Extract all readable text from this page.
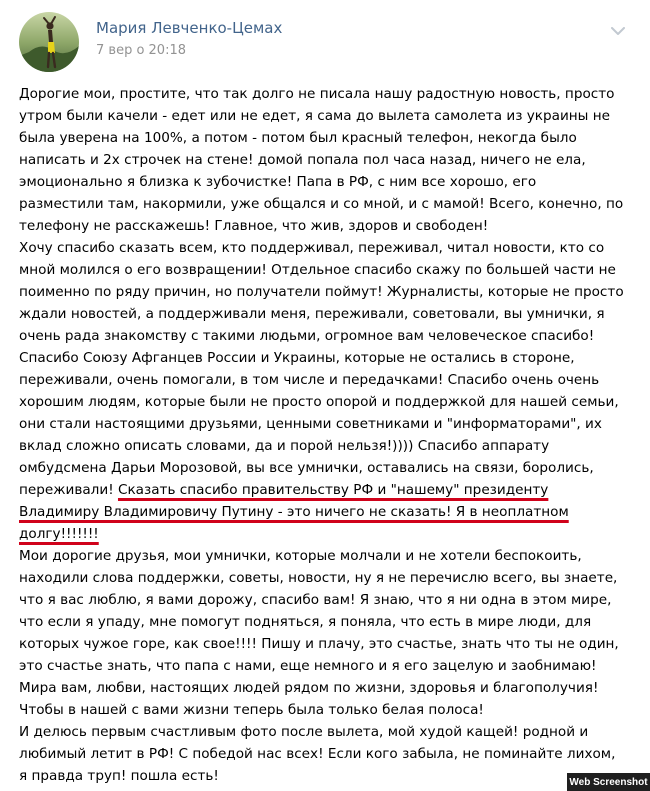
Мария Левченко-Цемах
7 вер о 20:18
Дорогие мои, простите, что так долго не писала нашу радостную новость, просто
утром были качели - едет или не едет, я сама до вылета самолета из украины не
была уверена на 100%, а потом - потом был красный телефон, некогда было
написать и 2х строчек на стене! домой попала пол часа назад, ничего не ела,
эмоционально я близка к зубочистке! Папа в РФ, с ним все хорошо, его
разместили там, накормили, уже общался и со мной, и с мамой! Всего, конечно, по
телефону не расскажешь! Главное, что жив, здоров и свободен!
Хочу спасибо сказать всем, кто поддерживал, переживал, читал новости, кто со
мной молился о его возвращении! Отдельное спасибо скажу по большей части не
поименно по ряду причин, но получатели поймут! Журналисты, которые не просто
ждали новостей, а поддерживали меня, переживали, советовали, вы умнички, я
очень рада знакомству с такими людьми, огромное вам человеческое спасибо!
Спасибо Союзу Афганцев России и Украины, которые не остались в стороне,
переживали, очень помогали, в том числе и передачками! Спасибо очень очень
хорошим людям, которые были не просто опорой и поддержкой для нашей семьи,
они стали настоящими друзьями, ценными советниками и "информаторами", их
вклад сложно описать словами, да и порой нельзя!)))) Спасибо аппарату
омбудсмена Дарьи Морозовой, вы все умнички, оставались на связи, боролись,
переживали! Сказать спасибо правительству РФ и "нашему" президенту
Владимиру Владимировичу Путину - это ничего не сказать! Я в неоплатном
долгу!!!!!!!
Мои дорогие друзья, мои умнички, которые молчали и не хотели беспокоить,
находили слова поддержки, советы, новости, ну я не перечислю всего, вы знаете,
что я вас люблю, я вами дорожу, спасибо вам! Я знаю, что я ни одна в этом мире,
что если я упаду, мне помогут подняться, я поняла, что есть в мире люди, для
которых чужое горе, как свое!!!! Пишу и плачу, это счастье, знать что ты не один,
это счастье знать, что папа с нами, еще немного и я его зацелую и зaобнимаю!
Мира вам, любви, настоящих людей рядом по жизни, здоровья и благополучия!
Чтобы в нашей с вами жизни теперь была только белая полоса!
И делюсь первым счастливым фото после вылета, мой худой кащей! родной и
любимый летит в РФ! С победой нас всех! Если кого забыла, не поминайте лихом,
я правда труп! пошла есть!	Web Screenshot
